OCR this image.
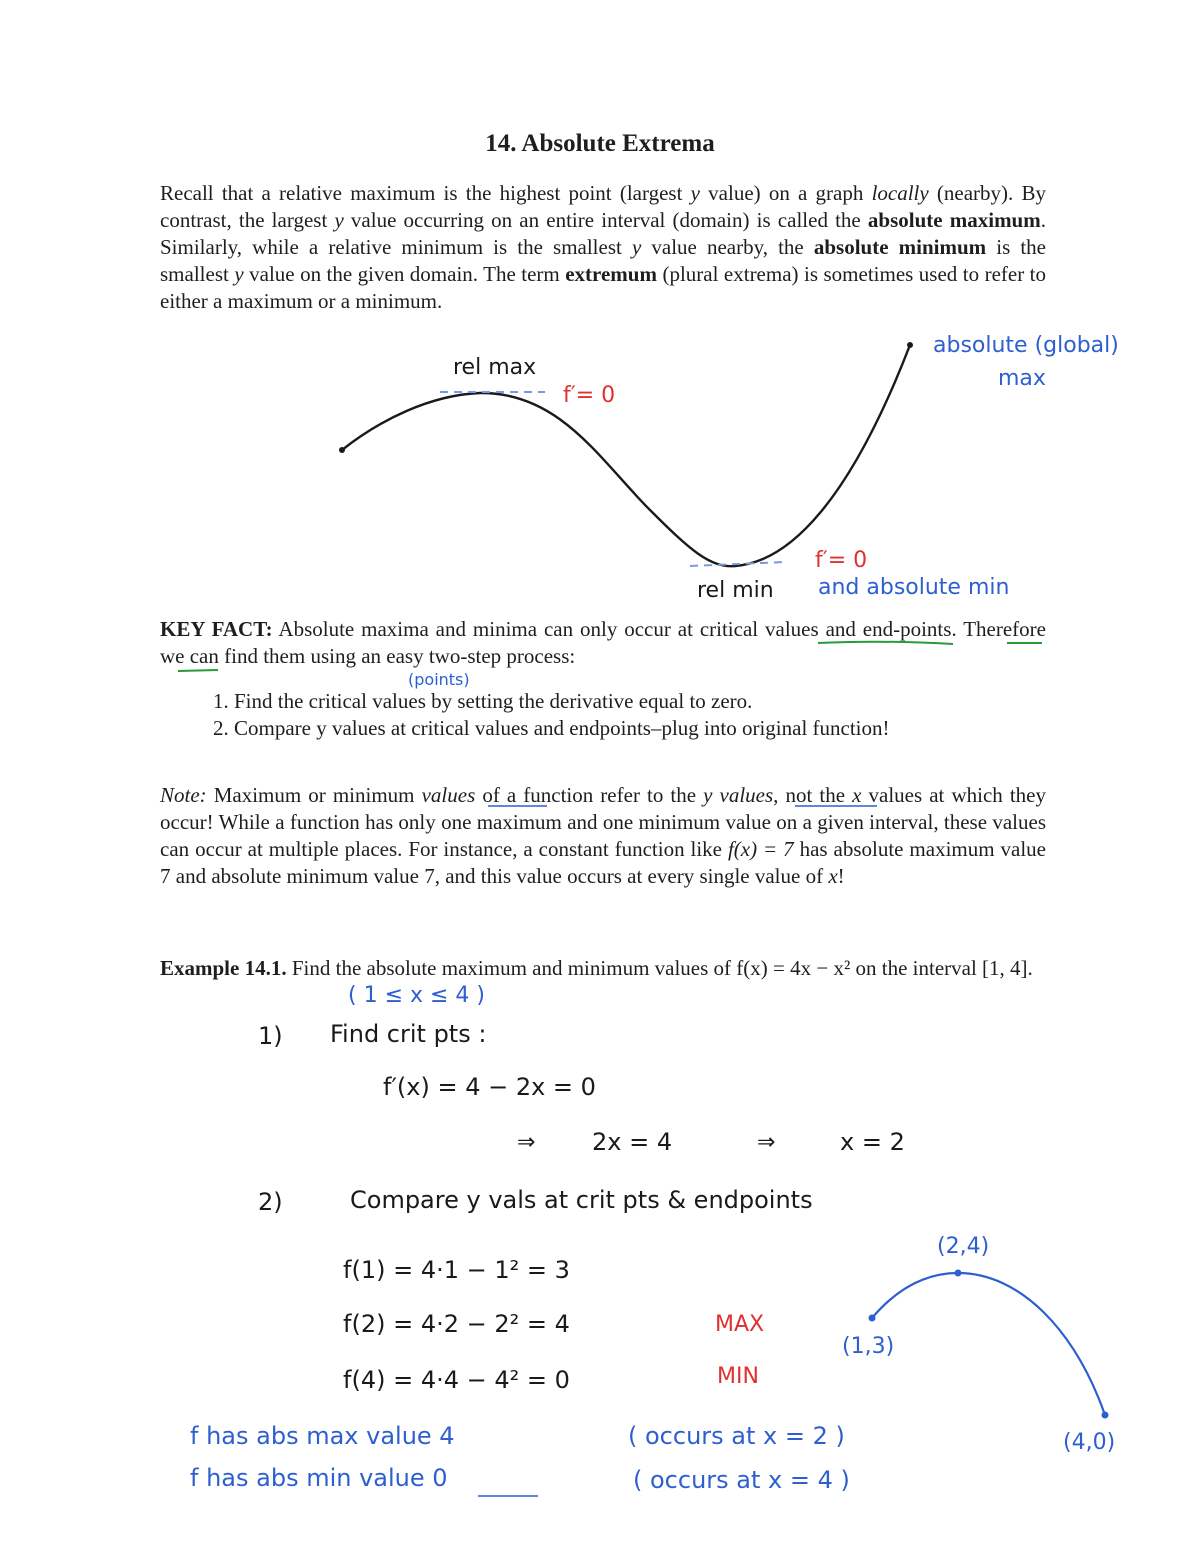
14. Absolute Extrema
Recall that a relative maximum is the highest point (largest y value) on a graph locally (nearby). By contrast, the largest y value occurring on an entire interval (domain) is called the absolute maximum. Similarly, while a relative minimum is the smallest y value nearby, the absolute minimum is the smallest y value on the given domain. The term extremum (plural extrema) is sometimes used to refer to either a maximum or a minimum.
rel max
f′= 0
absolute (global)
max
f′= 0
rel min and absolute min
KEY FACT: Absolute maxima and minima can only occur at critical values and end-points. Therefore we can find them using an easy two-step process:
(points)
1. Find the critical values by setting the derivative equal to zero.
2. Compare y values at critical values and endpoints–plug into original function!
Note: Maximum or minimum values of a function refer to the y values, not the x values at which they occur! While a function has only one maximum and one minimum value on a given interval, these values can occur at multiple places. For instance, a constant function like f(x) = 7 has absolute maximum value 7 and absolute minimum value 7, and this value occurs at every single value of x!
Example 14.1. Find the absolute maximum and minimum values of f(x) = 4x − x² on the interval [1, 4].
( 1 ≤ x ≤ 4 )
1) Find crit pts :
f′(x) = 4 − 2x = 0
⇒ 2x = 4	⇒	x = 2
2)	Compare y vals at crit pts & endpoints
f(1) = 4·1 − 1² = 3
f(2) = 4·2 − 2² = 4	MAX
f(4) = 4·4 − 4² = 0	MIN
f has abs max value 4	( occurs at x = 2 )
f has abs min value 0	( occurs at x = 4 )
(2,4)
(1,3)
(4,0)
